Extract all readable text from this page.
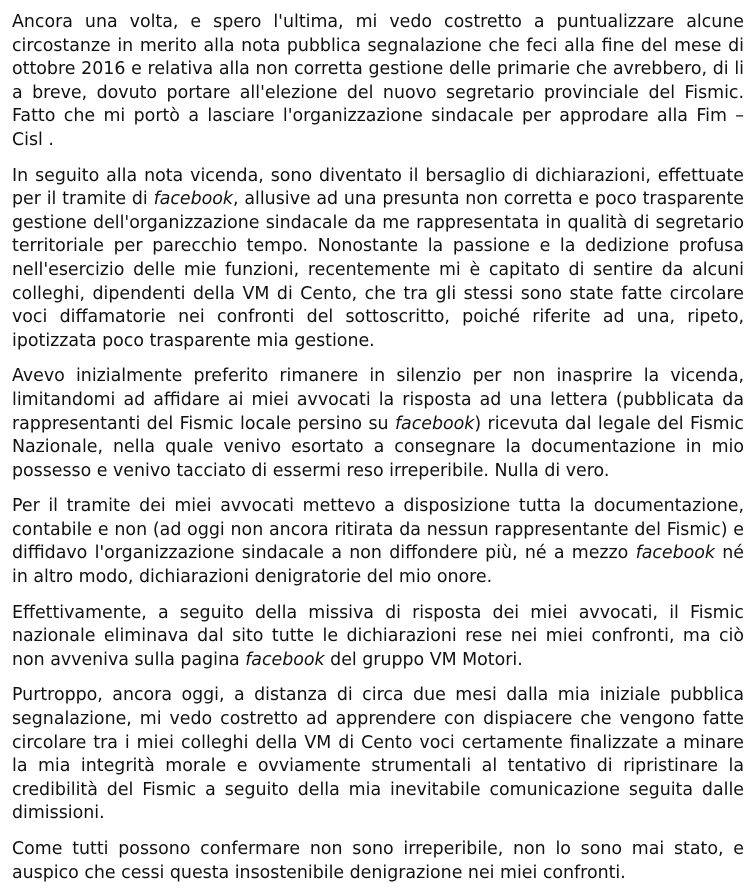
Ancora una volta, e spero l'ultima, mi vedo costretto a puntualizzare alcune circostanze in merito alla nota pubblica segnalazione che feci alla fine del mese di ottobre 2016 e relativa alla non corretta gestione delle primarie che avrebbero, di li a breve, dovuto portare all'elezione del nuovo segretario provinciale del Fismic. Fatto che mi portò a lasciare l'organizzazione sindacale per approdare alla Fim – Cisl .

In seguito alla nota vicenda, sono diventato il bersaglio di dichiarazioni, effettuate per il tramite di facebook, allusive ad una presunta non corretta e poco trasparente gestione dell'organizzazione sindacale da me rappresentata in qualità di segretario territoriale per parecchio tempo. Nonostante la passione e la dedizione profusa nell'esercizio delle mie funzioni, recentemente mi è capitato di sentire da alcuni colleghi, dipendenti della VM di Cento, che tra gli stessi sono state fatte circolare voci diffamatorie nei confronti del sottoscritto, poiché riferite ad una, ripeto, ipotizzata poco trasparente mia gestione.

Avevo inizialmente preferito rimanere in silenzio per non inasprire la vicenda, limitandomi ad affidare ai miei avvocati la risposta ad una lettera (pubblicata da rappresentanti del Fismic locale persino su facebook) ricevuta dal legale del Fismic Nazionale, nella quale venivo esortato a consegnare la documentazione in mio possesso e venivo tacciato di essermi reso irreperibile. Nulla di vero.

Per il tramite dei miei avvocati mettevo a disposizione tutta la documentazione, contabile e non (ad oggi non ancora ritirata da nessun rappresentante del Fismic) e diffidavo l'organizzazione sindacale a non diffondere più, né a mezzo facebook né in altro modo, dichiarazioni denigratorie del mio onore.

Effettivamente, a seguito della missiva di risposta dei miei avvocati, il Fismic nazionale eliminava dal sito tutte le dichiarazioni rese nei miei confronti, ma ciò non avveniva sulla pagina facebook del gruppo VM Motori.

Purtroppo, ancora oggi, a distanza di circa due mesi dalla mia iniziale pubblica segnalazione, mi vedo costretto ad apprendere con dispiacere che vengono fatte circolare tra i miei colleghi della VM di Cento voci certamente finalizzate a minare la mia integrità morale e ovviamente strumentali al tentativo di ripristinare la credibilità del Fismic a seguito della mia inevitabile comunicazione seguita dalle dimissioni.

Come tutti possono confermare non sono irreperibile, non lo sono mai stato, e auspico che cessi questa insostenibile denigrazione nei miei confronti.
